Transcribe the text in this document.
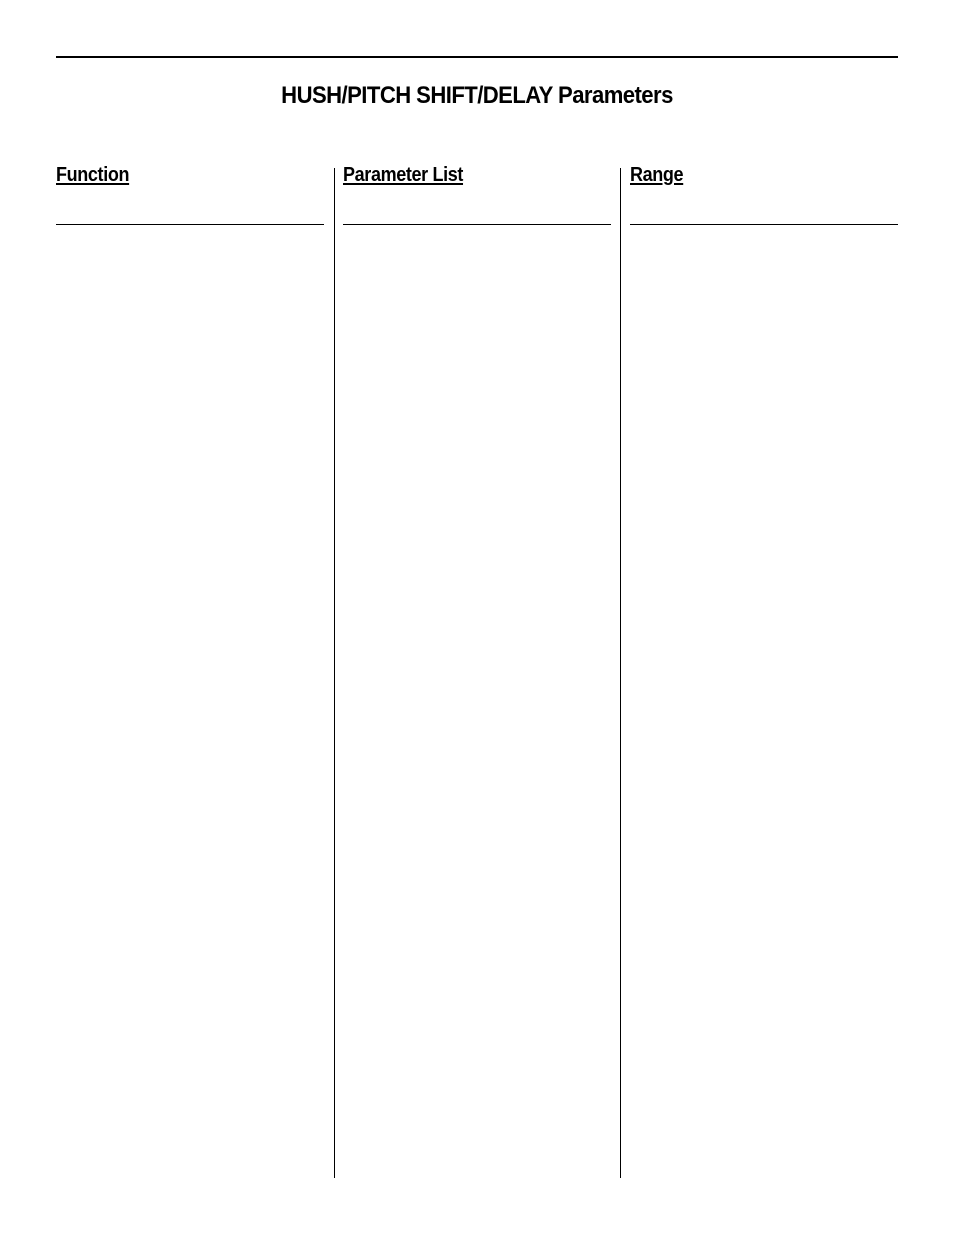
HUSH/PITCH SHIFT/DELAY Parameters
Function	Parameter List	Range
